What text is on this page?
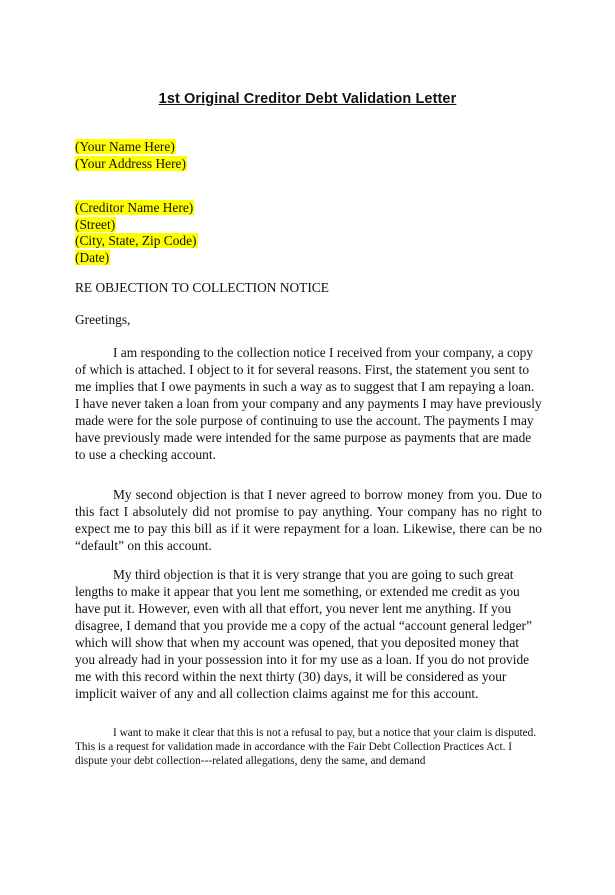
1st Original Creditor Debt Validation Letter
(Your Name Here)
(Your Address Here)
(Creditor Name Here)
(Street)
(City, State, Zip Code)
(Date)
RE OBJECTION TO COLLECTION NOTICE
Greetings,
I am responding to the collection notice I received from your company, a copy of which is attached. I object to it for several reasons. First, the statement you sent to me implies that I owe payments in such a way as to suggest that I am repaying a loan. I have never taken a loan from your company and any payments I may have previously made were for the sole purpose of continuing to use the account. The payments I may have previously made were intended for the same purpose as payments that are made to use a checking account.
My second objection is that I never agreed to borrow money from you. Due to this fact I absolutely did not promise to pay anything. Your company has no right to expect me to pay this bill as if it were repayment for a loan. Likewise, there can be no “default” on this account.
My third objection is that it is very strange that you are going to such great lengths to make it appear that you lent me something, or extended me credit as you have put it. However, even with all that effort, you never lent me anything. If you disagree, I demand that you provide me a copy of the actual “account general ledger” which will show that when my account was opened, that you deposited money that you already had in your possession into it for my use as a loan. If you do not provide me with this record within the next thirty (30) days, it will be considered as your implicit waiver of any and all collection claims against me for this account.
I want to make it clear that this is not a refusal to pay, but a notice that your claim is disputed. This is a request for validation made in accordance with the Fair Debt Collection Practices Act. I dispute your debt collection---related allegations, deny the same, and demand
